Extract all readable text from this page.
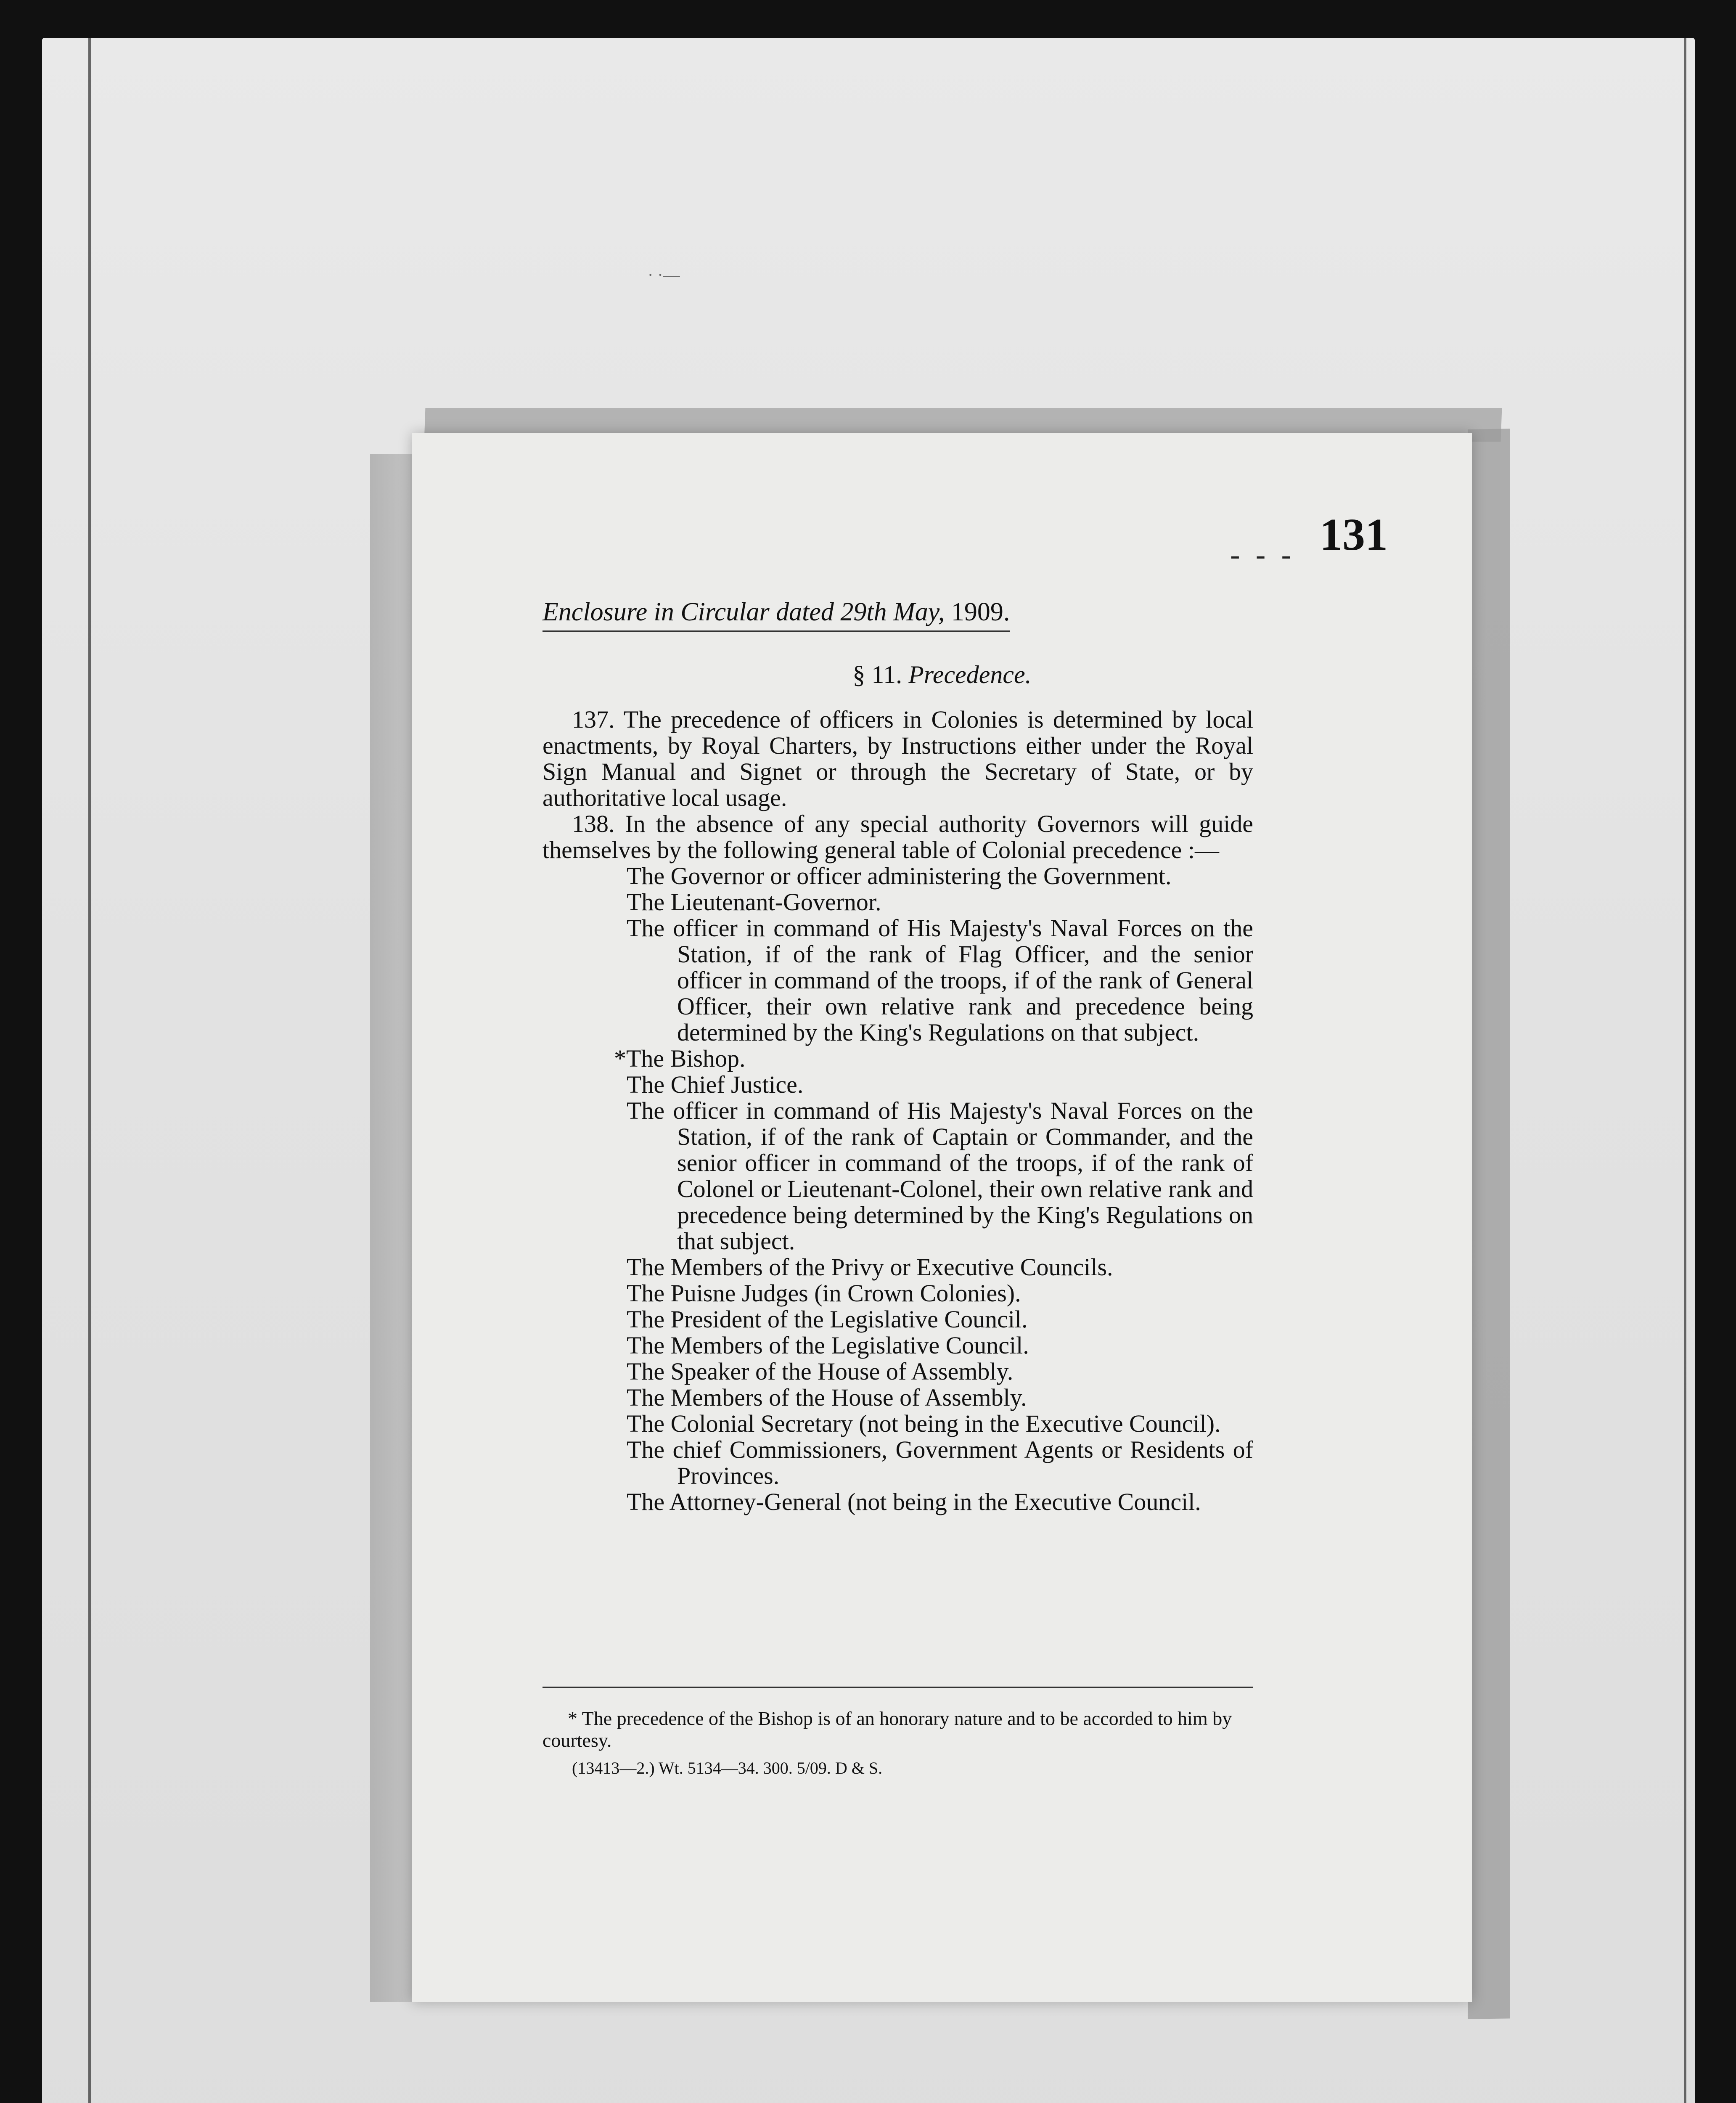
· ·—
- - - 131
Enclosure in Circular dated 29th May, 1909.
§ 11. Precedence.

137. The precedence of officers in Colonies is determined by local enactments, by Royal Charters, by Instructions either under the Royal Sign Manual and Signet or through the Secretary of State, or by authoritative local usage.

138. In the absence of any special authority Governors will guide themselves by the following general table of Colonial precedence :—

The Governor or officer administering the Government.
The Lieutenant-Governor.
The officer in command of His Majesty's Naval Forces on the Station, if of the rank of Flag Officer, and the senior officer in command of the troops, if of the rank of General Officer, their own relative rank and precedence being determined by the King's Regulations on that subject.
*The Bishop.
The Chief Justice.
The officer in command of His Majesty's Naval Forces on the Station, if of the rank of Captain or Commander, and the senior officer in command of the troops, if of the rank of Colonel or Lieutenant-Colonel, their own relative rank and precedence being determined by the King's Regulations on that subject.
The Members of the Privy or Executive Councils.
The Puisne Judges (in Crown Colonies).
The President of the Legislative Council.
The Members of the Legislative Council.
The Speaker of the House of Assembly.
The Members of the House of Assembly.
The Colonial Secretary (not being in the Executive Council).
The chief Commissioners, Government Agents or Residents of Provinces.
The Attorney-General (not being in the Executive Council.
* The precedence of the Bishop is of an honorary nature and to be accorded to him by courtesy.
(13413—2.) Wt. 5134—34. 300. 5/09. D & S.
